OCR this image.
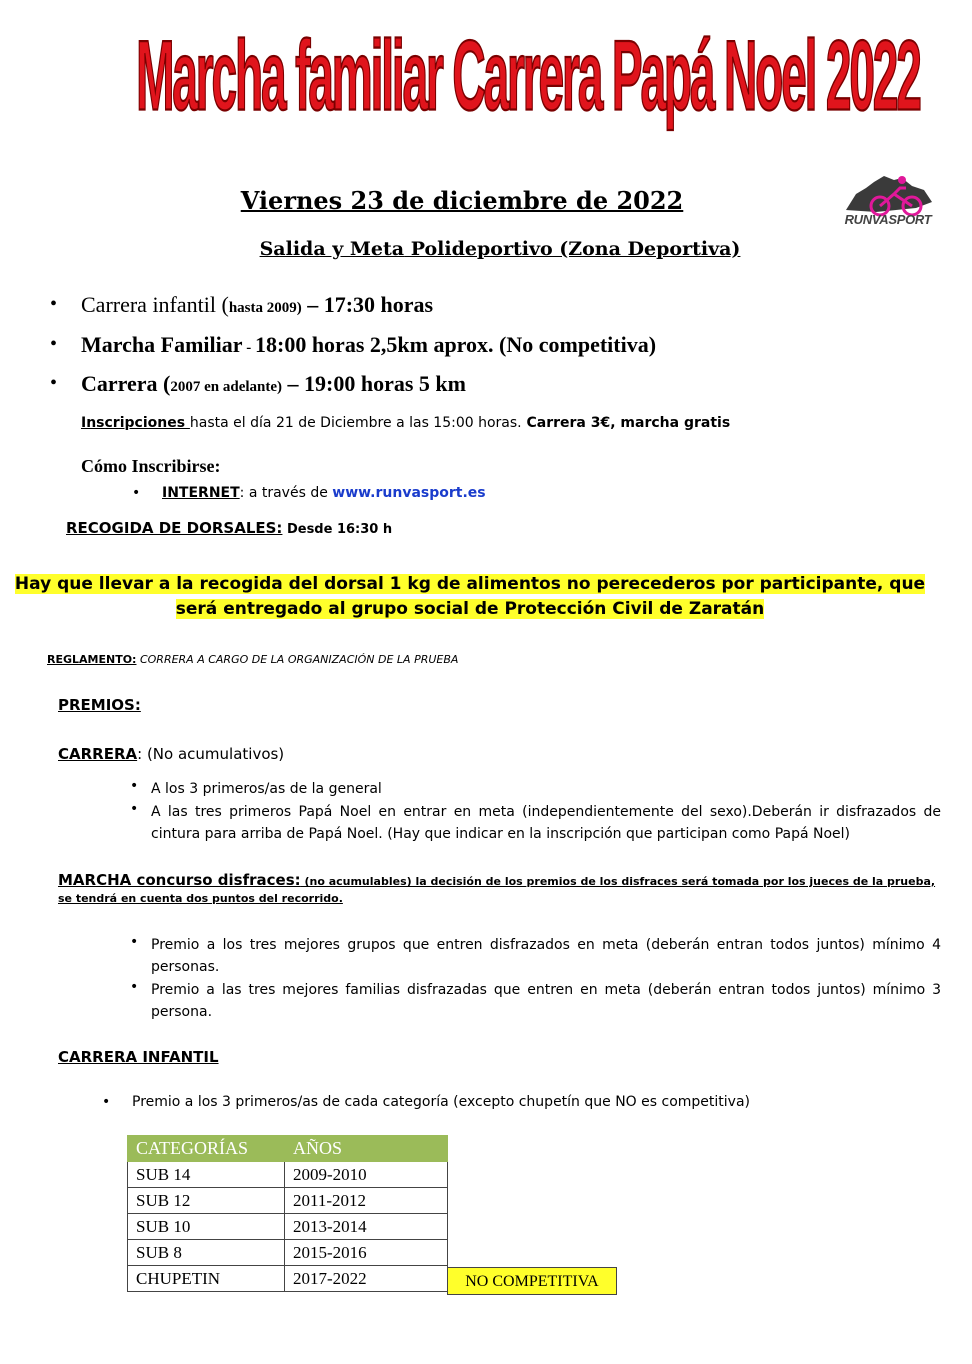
Marcha familiar Carrera Papá Noel 2022
Viernes 23 de diciembre de 2022
Salida y Meta Polideportivo (Zona Deportiva)
RUNVASPORT
• Carrera infantil (hasta 2009) – 17:30 horas
• Marcha Familiar - 18:00 horas 2,5km aprox. (No competitiva)
• Carrera (2007 en adelante) – 19:00 horas 5 km
Inscripciones hasta el día 21 de Diciembre a las 15:00 horas. Carrera 3€, marcha gratis
Cómo Inscribirse:
• INTERNET: a través de www.runvasport.es
RECOGIDA DE DORSALES: Desde 16:30 h
Hay que llevar a la recogida del dorsal 1 kg de alimentos no perecederos por participante, que
será entregado al grupo social de Protección Civil de Zaratán
REGLAMENTO: CORRERA A CARGO DE LA ORGANIZACIÓN DE LA PRUEBA
PREMIOS:
CARRERA: (No acumulativos)
• A los 3 primeros/as de la general
• A las tres primeros Papá Noel en entrar en meta (independientemente del sexo).Deberán ir disfrazados de cintura para arriba de Papá Noel. (Hay que indicar en la inscripción que participan como Papá Noel)
MARCHA concurso disfraces: (no acumulables) la decisión de los premios de los disfraces será tomada por los jueces de la prueba, se tendrá en cuenta dos puntos del recorrido.
• Premio a los tres mejores grupos que entren disfrazados en meta (deberán entran todos juntos) mínimo 4 personas.
• Premio a las tres mejores familias disfrazadas que entren en meta (deberán entran todos juntos) mínimo 3 persona.
CARRERA INFANTIL
• Premio a los 3 primeros/as de cada categoría (excepto chupetín que NO es competitiva)
CATEGORÍAS	AÑOS
SUB 14	2009-2010
SUB 12	2011-2012
SUB 10	2013-2014
SUB 8	2015-2016
CHUPETIN	2017-2022	NO COMPETITIVA
